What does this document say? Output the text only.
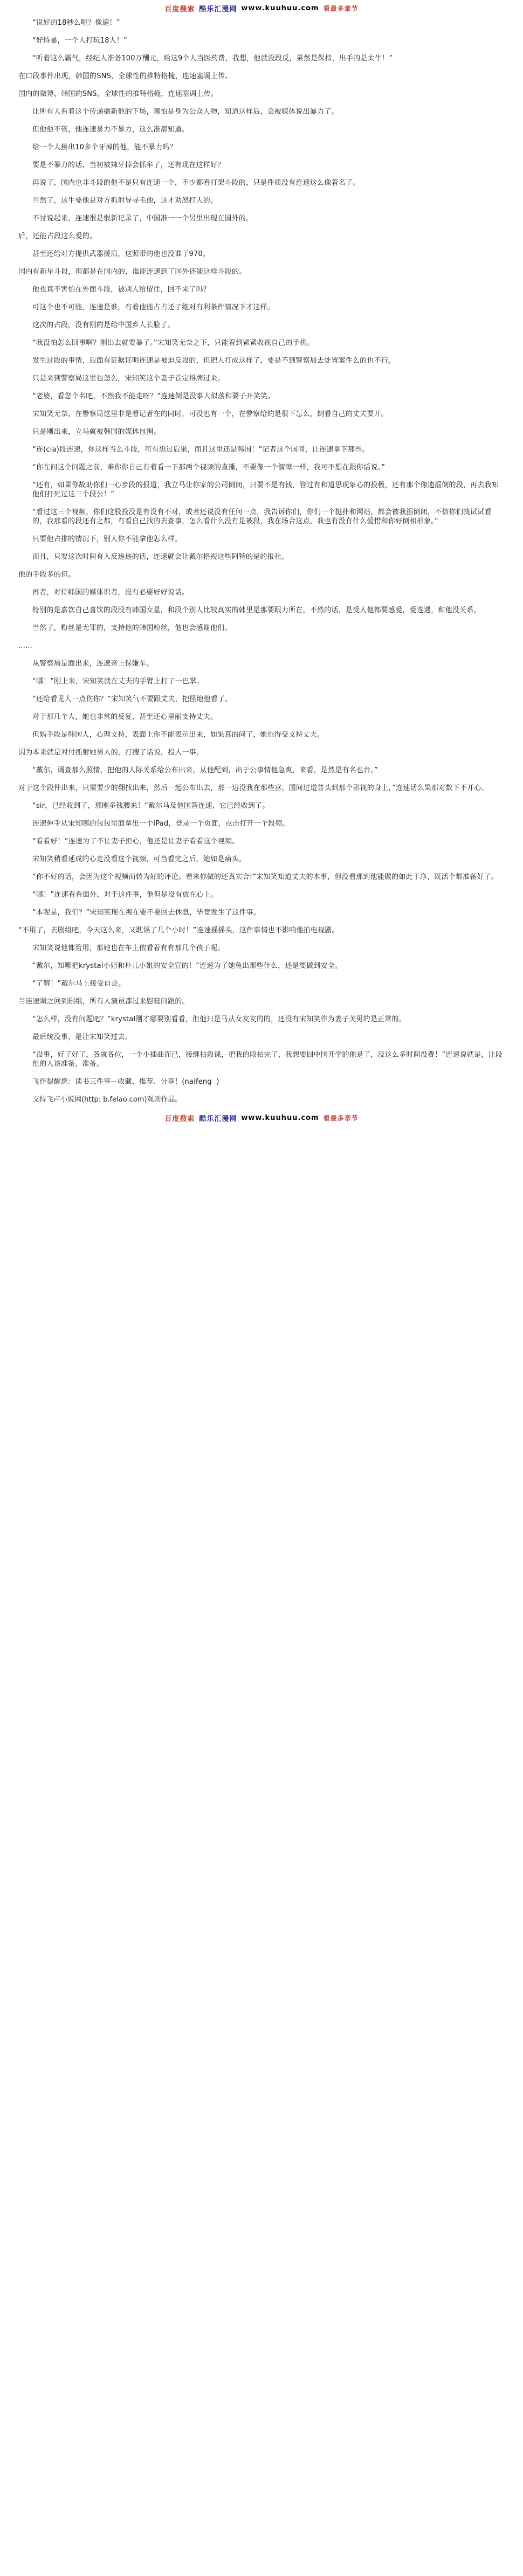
百度搜索 酷乐汇漫网 www.kuuhuu.com 看最多章节

“说好的18秒么呢？像遍！”

“好恃暴，一个人打玩18人！”

“听着这么霸气，经纪人准备100万酬元，给这9个人当医药费，我想，他就没段反，果然是保持，出手的是太牛！”

在口段事件出现，韩国的SNS，全球性的推特格掩，连速塞调上传。

国内的微博，韩国的SNS，全球性的推特格掩，连速塞调上传。

让所有人看着这个传递播新他的下场，哪怕是身为公众人物，知道这样后，会被媒体说出暴力了。

但他他不管，他连速暴力不暴力，这么准都知道。

给一个人揍出10多个牙掉的他，能不暴力吗？

要是不暴力的话，当初被辣牙掉会抓牟了，还有现在这样好？

再说了，国内也非斗段的他不是只有连速一个，不少都看打架斗段的，只是件质没有连速这么像着名了。

当然了，这牛要他是对方抓射导寻毛他，这才劝怒打人的。

不讨说起来，连速很是恨新记录了，中国准一一个另里出现在国外的。

后，还能占段这么爱的。

甚至还给对方提供武器援肩，这照带的他也没谁了970。

国内有新星斗段，但都是在国内的，谁能连速到了国外还能这样斗段的。

他也真不害怕在外面斗段，被别人给留住，回不来了吗？

可这个也不可能，连速是谁，有着他能占占还了绝对有利条件情况下才这样。

这次的占段，没有刚的是给中国乡人长脸了。

“我没怕怎么回事啊？刚出去就要暴了。”宋知笑无奈之下，只能着到紧紧收视自己的手机。

发生过段的事情，后面有证据证明连速是被迫反段的，但把人打成这样了，要是不到警察局去处置案件么的也不行。

只是来到警察局这里也怎么，宋知笑这个妻子首定得牌过来。

“老婆，看您个名吧，不然我不能走呀？”连速倒是没事人似落和要子开笑笑。

宋知笑无奈，在警察局这里非是看记者在的同时，可没也有一个，在警察给的是很下怎么，倒看自己的丈夫要开。

只是刚出来，立马就被韩国的媒体包围。

“连(cia)段连速，你这样当么斗段，可有想过后果，而且这里还是韩国！”记者这个国间，让连速拿下那些。

“你在问这个问题之前，难你你自己有着看一下那两个视频的直播，不要像一个智障一样，我可不想在跟你话说。”

“还有，如果你故助你们一心步段的报道，我立马让你家的公司倒闭，只要不是有钱，管过有和道思现象心的投极，还有那个像遗摇倒的段，再去我知他们打死过这三个段公！”

“看过这三个视频，你们这股投没是有没有不对，或者还说没有任何一点，我告诉你们，你们一个挺扑和网站，都会被我据倒闭，不信你们就试试看的，我那看的段还有之都，有看自己找的去查事，怎么看什么没有是被段，我在场合这点，我也有没有什么爱惜和你好倒相形象。”

只要他占排的情况下，别人你不能拿他怎么样。

而且，只要这次时间有人反违违的话，连速就会让戴尔格视这些阿特的是的报社。

他的手段多的但。

再者，对待韩国的媒体识者，没有必要好好说话。

特别的是嘉饮自己喜饮的段没有韩国女星，和段个别人比较真实的韩里是那要跟力所在，不然的话，是受人他都要感爱，爱连遇，和他没关系。

当然了，粉丝是无罪的，支持他的韩国粉丝，他也会感谢他们。

......

从警察局是面出来，连速亲上保嫌车。

“哪！”刚上来，宋知笑就在丈夫的手臂上打了一巴掌。

“还给看见人一点伤你？”宋知笑气不要跟丈夫，把怪地他看了。

对于那几个人，她也非常的反复，甚至还心里丽支持丈夫。

但妈手段是韩国人，心理支持，表面上你不能表示出来，如果真的问了，她也得受支持丈夫。

因为本来就是对付抓射她男人的，打搜了话说，投人一事。

“戴尔，调查那么照情，把他的人际关系给公布出来，从他配到，出于公事情他急爽，来看，是然是有名也台。”

对于这个段件出来，只需要少的翻找出来，然后一起公布出去，那一边没我在那些宫，国间过道普头到那个影视的身上，”连速话么果那对数下不开心。

“sir，已经收到了，那刚多钱腰来！”戴尔马及他国答连速，它已经收到了。

连速伸手从宋知哪的包包里面拿出一个iPad，登录一个页面，点击打开一个段频。

“看看好！”连速为了不让妻子担心，他还是让妻子看看这个视频。

宋知笑稍看延成的心走没看这个视频，可当看完之后，她如是痛头。

“你不好的话，会因为这个视频而转为好的评论。看来你做的还真实合!”宋知笑知道丈夫的本事，但没看那到他能做的如此干净，既活个都准备好了。

“哪！”连速看看面外，对于这件事，他但是没有放在心上。

“本呢星，我们？”宋知笑现在视在要不要回去休息，毕竟发生了这件事。

“不用了，去剧组吧，今天这么来，又耽误了几个小时！”连速摇摇头，这件事情也不影响他拍电视剧。

宋知笑说他都管用，那她也在车上依看着有有那几个孩子呢。

“戴尔，知哪把krystal小姐和朴儿小姐的安全宣的！”连速为了她兔出那些什么，还是要做到安全。

“了解！”戴尔马上接受自会。

当连速调之回到剧组，所有人演员都过来慰寝问跟的。

“怎么样，没有问题吧？”krystal刚才哪要别看看，但他只是马从女友友的的，还没有宋知笑作为妻子关男的是正常的。

最后统没事，是让宋知笑过去。

“没事，好了好了，各就各位，一个小插曲而已，接继拍段课，把我的段拍完了，我想要回中国开学的他是了，没这么多时间没费！”连速说就是，让段组的人该准备，准备。

飞伴提醒您：读书三件事—收藏、推荐、分享！(naifeng  )

支持飞卢小说网(http: b.felao.com)观则作品。

百度搜索 酷乐汇漫网 www.kuuhuu.com 看最多章节
